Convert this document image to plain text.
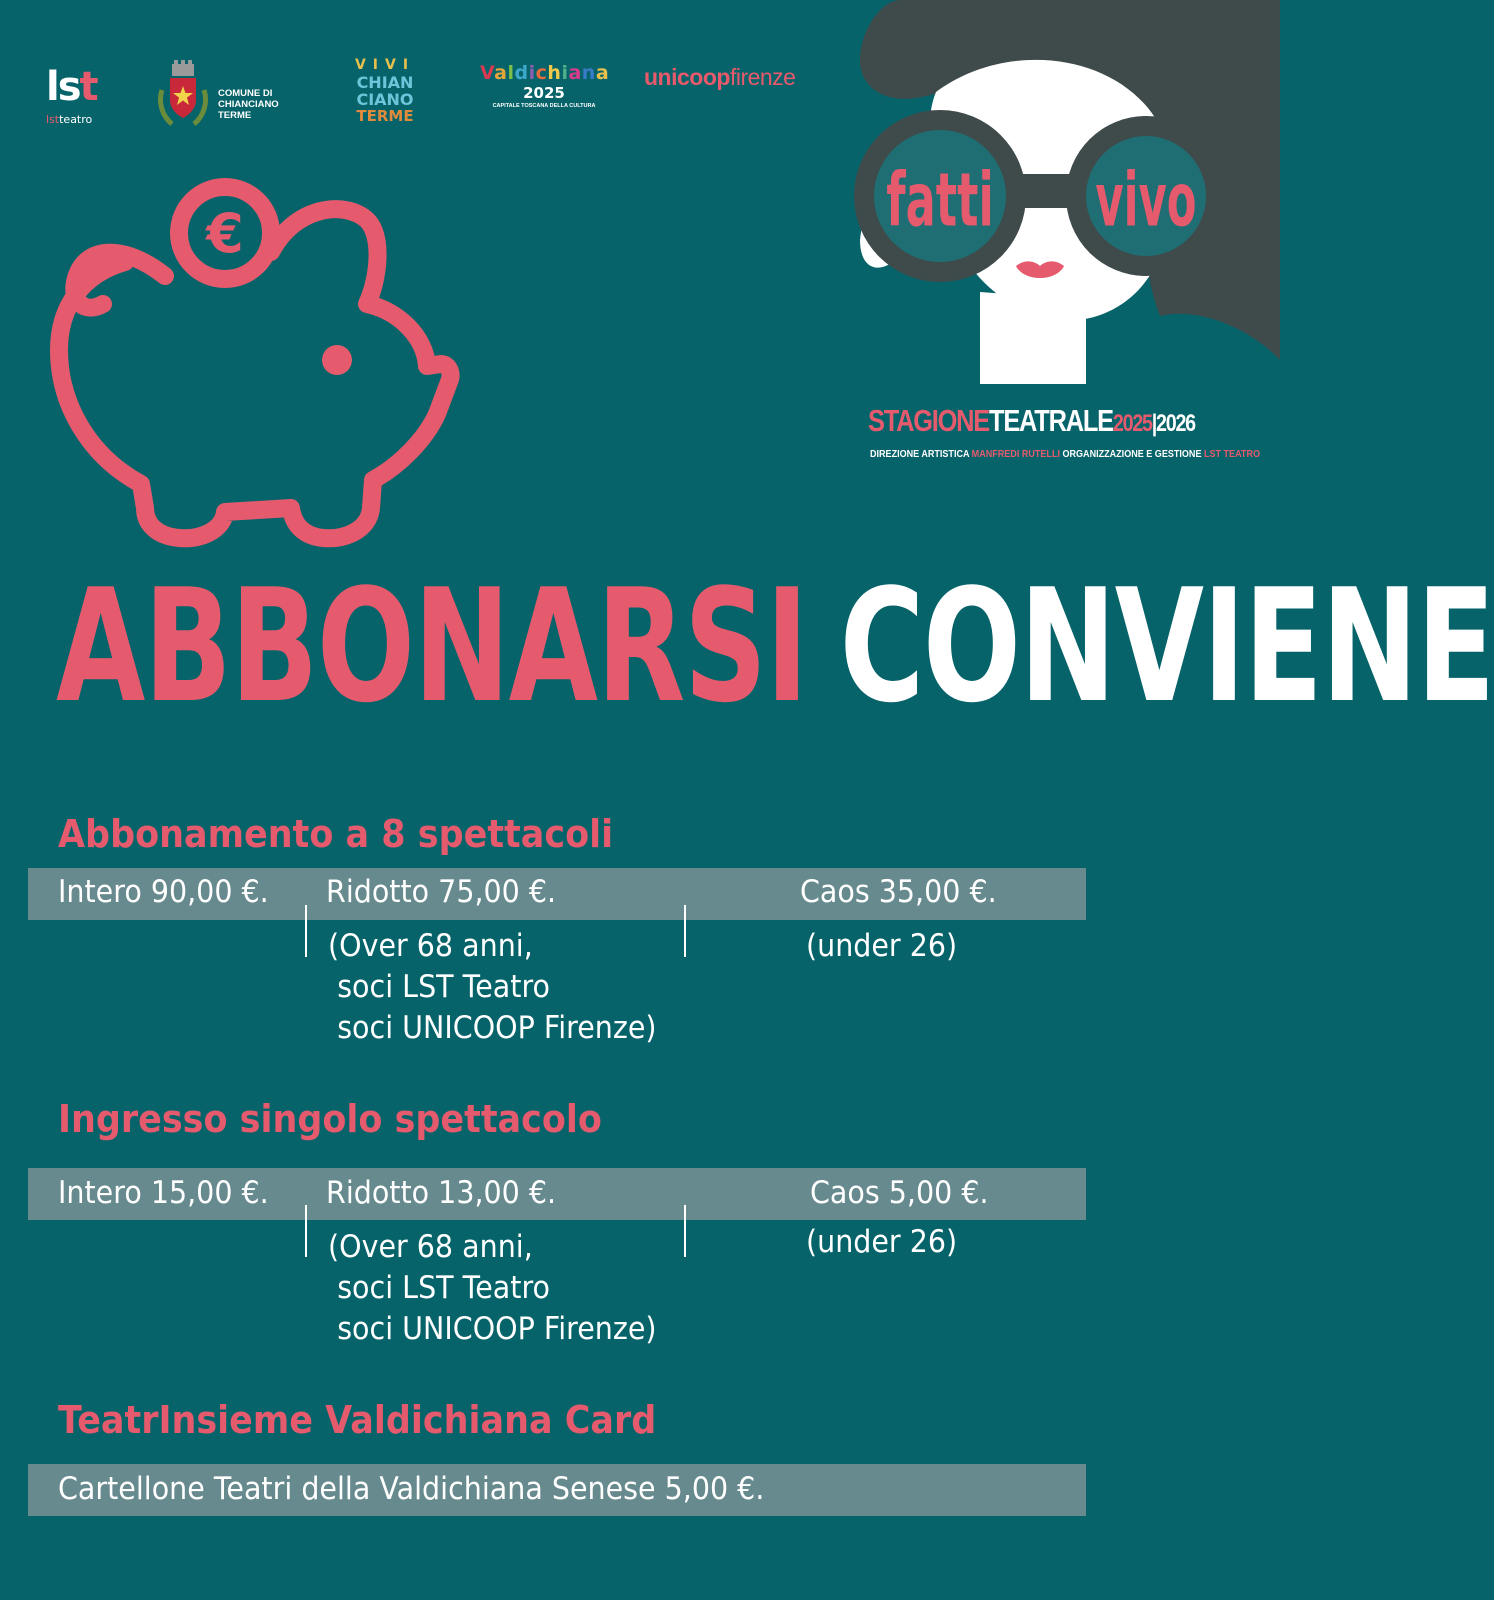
lst
lstteatro
COMUNE DI
CHIANCIANO TERME
VIVI
CHIAN
CIANO
TERME
Valdichiana
2025
CAPITALE TOSCANA DELLA CULTURA
unicoopfirenze
€	fatti vivo
STAGIONETEATRALE2025|2026
DIREZIONE ARTISTICA MANFREDI RUTELLI ORGANIZZAZIONE E GESTIONE LST TEATRO
ABBONARSI CONVIENE
Abbonamento a 8 spettacoli
Intero 90,00 €. Ridotto 75,00 €.	Caos 35,00 €.
(Over 68 anni,
soci LST Teatro
soci UNICOOP Firenze)
(under 26)
Ingresso singolo spettacolo
Intero 15,00 €. Ridotto 13,00 €.	Caos 5,00 €.
(Over 68 anni,
soci LST Teatro
soci UNICOOP Firenze)
(under 26)
TeatrInsieme Valdichiana Card
Cartellone Teatri della Valdichiana Senese 5,00 €.
